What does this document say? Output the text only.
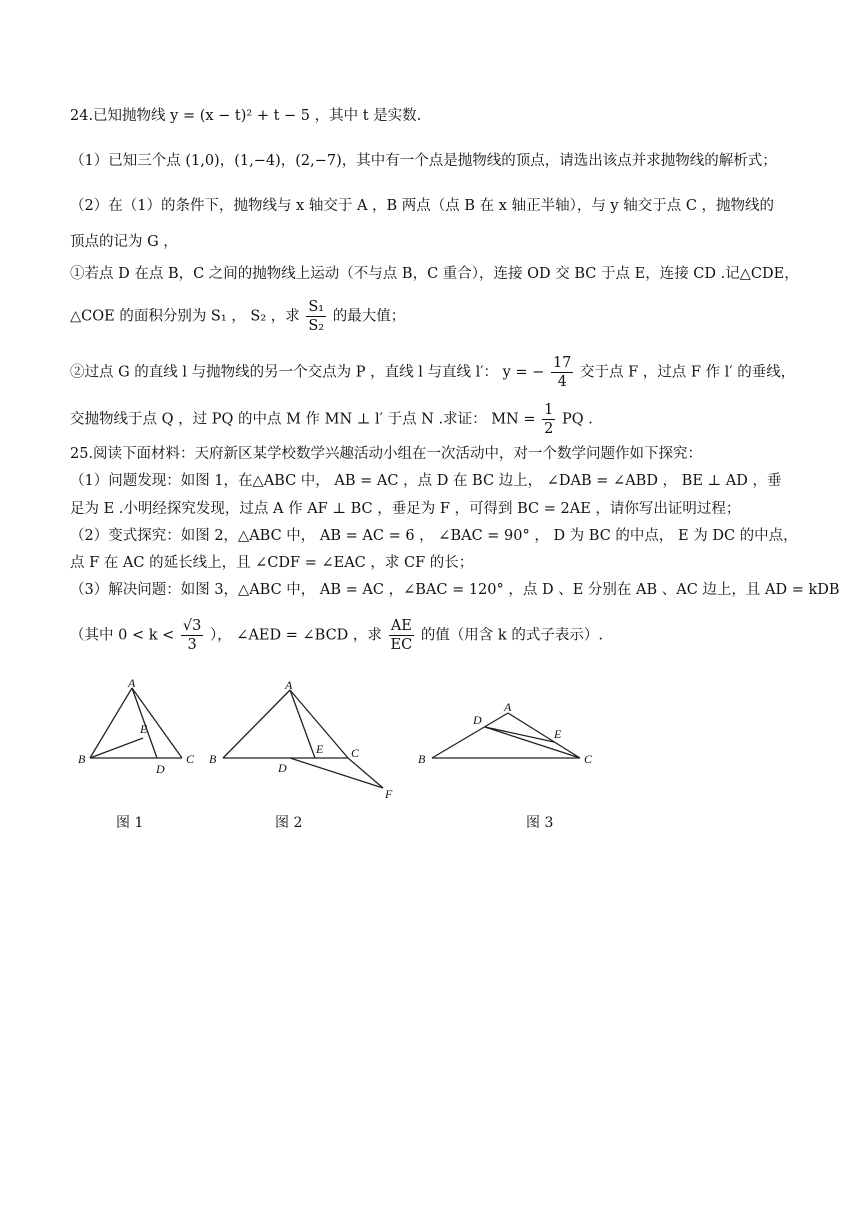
24.已知抛物线 y = (x − t)² + t − 5 ，其中 t 是实数.
（1）已知三个点 (1,0)，(1,−4)，(2,−7)，其中有一个点是抛物线的顶点，请选出该点并求抛物线的解析式；
（2）在（1）的条件下，抛物线与 x 轴交于 A ，B 两点（点 B 在 x 轴正半轴），与 y 轴交于点 C ，抛物线的
顶点的记为 G ，
①若点 D 在点 B，C 之间的抛物线上运动（不与点 B，C 重合），连接 OD 交 BC 于点 E，连接 CD .记△CDE，
△COE 的面积分别为 S₁ ， S₂ ，求 $\frac{\text{S₁}}{\text{S₂}}$ 的最大值；
②过点 G 的直线 l 与抛物线的另一个交点为 P ，直线 l 与直线 l′： y = − $\frac{17}{4}$ 交于点 F ，过点 F 作 l′ 的垂线，
交抛物线于点 Q ，过 PQ 的中点 M 作 MN ⊥ l′ 于点 N .求证： MN = $\frac{1}{2}$ PQ .
25.阅读下面材料：天府新区某学校数学兴趣活动小组在一次活动中，对一个数学问题作如下探究：
（1）问题发现：如图 1，在△ABC 中， AB = AC ，点 D 在 BC 边上， ∠DAB = ∠ABD ， BE ⊥ AD ，垂
足为 E .小明经探究发现，过点 A 作 AF ⊥ BC ，垂足为 F ，可得到 BC = 2AE ，请你写出证明过程；
（2）变式探究：如图 2，△ABC 中， AB = AC = 6 ， ∠BAC = 90° ， D 为 BC 的中点， E 为 DC 的中点，
点 F 在 AC 的延长线上，且 ∠CDF = ∠EAC ，求 CF 的长；
（3）解决问题：如图 3，△ABC 中， AB = AC ，∠BAC = 120° ，点 D 、E 分别在 AB 、AC 边上，且 AD = kDB
（其中 $0 < k < \frac{√3}{3}$ ）， ∠AED = ∠BCD ，求 $\frac{AE}{EC}$ 的值（用含 k 的式子表示）.
A
B	C
D
E
图 1
A
B	C
D
E
F
图 2
A
B	C
D
E
图 3
